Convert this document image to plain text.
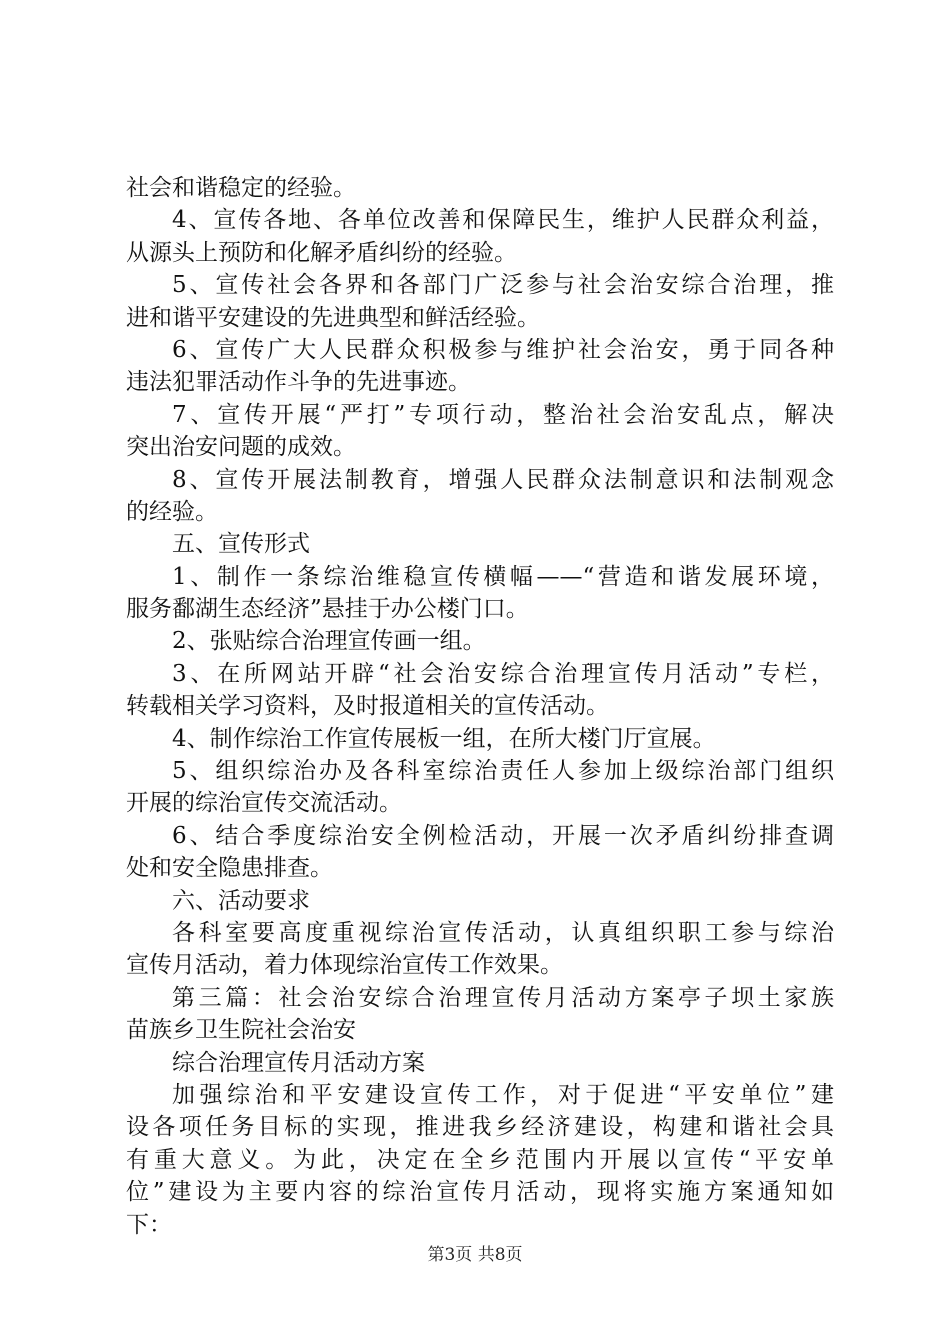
社会和谐稳定的经验。
4、宣传各地、各单位改善和保障民生，维护人民群众利益，
从源头上预防和化解矛盾纠纷的经验。
5、宣传社会各界和各部门广泛参与社会治安综合治理，推
进和谐平安建设的先进典型和鲜活经验。
6、宣传广大人民群众积极参与维护社会治安，勇于同各种
违法犯罪活动作斗争的先进事迹。
7、宣传开展“严打”专项行动，整治社会治安乱点，解决
突出治安问题的成效。
8、宣传开展法制教育，增强人民群众法制意识和法制观念
的经验。
五、宣传形式
1、制作一条综治维稳宣传横幅——“营造和谐发展环境，
服务鄱湖生态经济”悬挂于办公楼门口。
2、张贴综合治理宣传画一组。
3、在所网站开辟“社会治安综合治理宣传月活动”专栏，
转载相关学习资料，及时报道相关的宣传活动。
4、制作综治工作宣传展板一组，在所大楼门厅宣展。
5、组织综治办及各科室综治责任人参加上级综治部门组织
开展的综治宣传交流活动。
6、结合季度综治安全例检活动，开展一次矛盾纠纷排查调
处和安全隐患排查。
六、活动要求
各科室要高度重视综治宣传活动，认真组织职工参与综治
宣传月活动，着力体现综治宣传工作效果。
第三篇：社会治安综合治理宣传月活动方案亭子坝土家族
苗族乡卫生院社会治安
综合治理宣传月活动方案
加强综治和平安建设宣传工作，对于促进“平安单位”建
设各项任务目标的实现，推进我乡经济建设，构建和谐社会具
有重大意义。为此，决定在全乡范围内开展以宣传“平安单
位”建设为主要内容的综治宣传月活动，现将实施方案通知如
下：
第3页 共8页
